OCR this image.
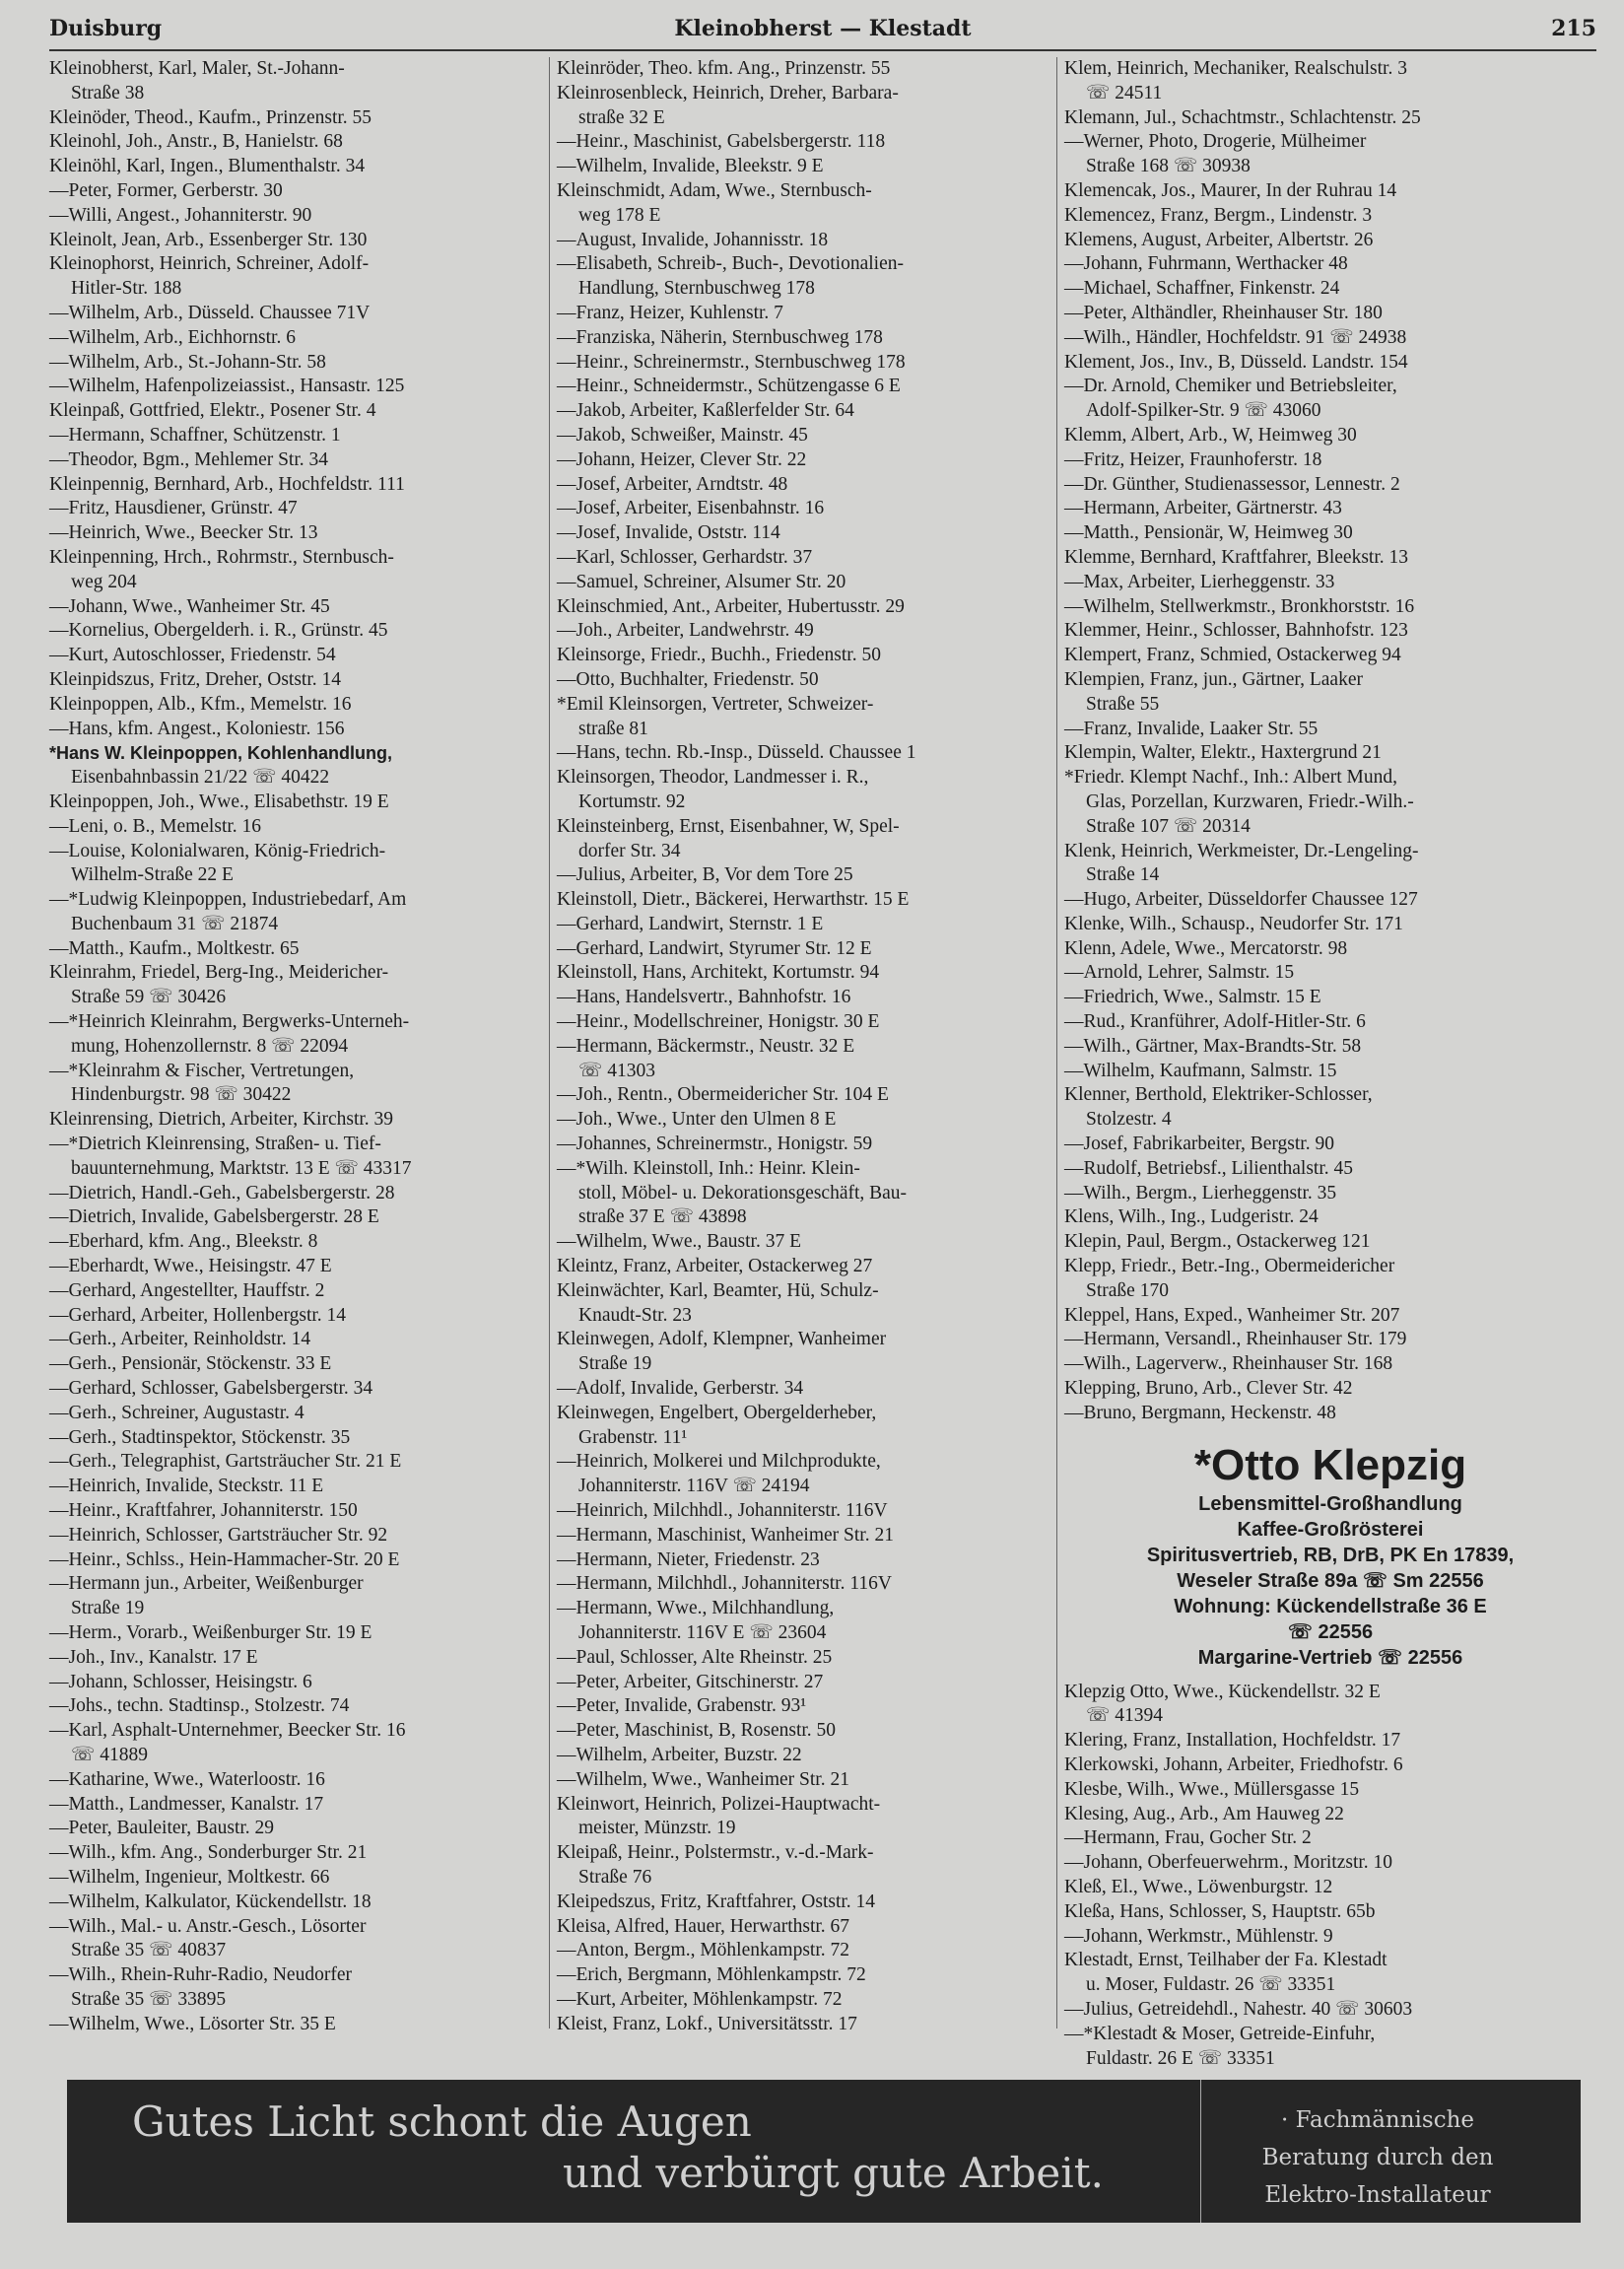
Kleinobherst — Klestadt
Duisburg	215
Kleinobherst, Karl, Maler, St.-Johann-
Straße 38
Kleinöder, Theod., Kaufm., Prinzenstr. 55
Kleinohl, Joh., Anstr., B, Hanielstr. 68
Kleinöhl, Karl, Ingen., Blumenthalstr. 34
—Peter, Former, Gerberstr. 30
—Willi, Angest., Johanniterstr. 90
Kleinolt, Jean, Arb., Essenberger Str. 130
Kleinophorst, Heinrich, Schreiner, Adolf-
Hitler-Str. 188
—Wilhelm, Arb., Düsseld. Chaussee 71V
—Wilhelm, Arb., Eichhornstr. 6
—Wilhelm, Arb., St.-Johann-Str. 58
—Wilhelm, Hafenpolizeiassist., Hansastr. 125
Kleinpaß, Gottfried, Elektr., Posener Str. 4
—Hermann, Schaffner, Schützenstr. 1
—Theodor, Bgm., Mehlemer Str. 34
Kleinpennig, Bernhard, Arb., Hochfeldstr. 111
—Fritz, Hausdiener, Grünstr. 47
—Heinrich, Wwe., Beecker Str. 13
Kleinpenning, Hrch., Rohrmstr., Sternbusch-
weg 204
—Johann, Wwe., Wanheimer Str. 45
—Kornelius, Obergelderh. i. R., Grünstr. 45
—Kurt, Autoschlosser, Friedenstr. 54
Kleinpidszus, Fritz, Dreher, Oststr. 14
Kleinpoppen, Alb., Kfm., Memelstr. 16
—Hans, kfm. Angest., Koloniestr. 156
*Hans W. Kleinpoppen, Kohlenhandlung,
Eisenbahnbassin 21/22 ☏ 40422
Kleinpoppen, Joh., Wwe., Elisabethstr. 19 E
—Leni, o. B., Memelstr. 16
—Louise, Kolonialwaren, König-Friedrich-
Wilhelm-Straße 22 E
—*Ludwig Kleinpoppen, Industriebedarf, Am
Buchenbaum 31 ☏ 21874
—Matth., Kaufm., Moltkestr. 65
Kleinrahm, Friedel, Berg-Ing., Meidericher-
Straße 59 ☏ 30426
—*Heinrich Kleinrahm, Bergwerks-Unterneh-
mung, Hohenzollernstr. 8 ☏ 22094
—*Kleinrahm & Fischer, Vertretungen,
Hindenburgstr. 98 ☏ 30422
Kleinrensing, Dietrich, Arbeiter, Kirchstr. 39
—*Dietrich Kleinrensing, Straßen- u. Tief-
bauunternehmung, Marktstr. 13 E ☏ 43317
—Dietrich, Handl.-Geh., Gabelsbergerstr. 28
—Dietrich, Invalide, Gabelsbergerstr. 28 E
—Eberhard, kfm. Ang., Bleekstr. 8
—Eberhardt, Wwe., Heisingstr. 47 E
—Gerhard, Angestellter, Hauffstr. 2
—Gerhard, Arbeiter, Hollenbergstr. 14
—Gerh., Arbeiter, Reinholdstr. 14
—Gerh., Pensionär, Stöckenstr. 33 E
—Gerhard, Schlosser, Gabelsbergerstr. 34
—Gerh., Schreiner, Augustastr. 4
—Gerh., Stadtinspektor, Stöckenstr. 35
—Gerh., Telegraphist, Gartsträucher Str. 21 E
—Heinrich, Invalide, Steckstr. 11 E
—Heinr., Kraftfahrer, Johanniterstr. 150
—Heinrich, Schlosser, Gartsträucher Str. 92
—Heinr., Schlss., Hein-Hammacher-Str. 20 E
—Hermann jun., Arbeiter, Weißenburger
Straße 19
—Herm., Vorarb., Weißenburger Str. 19 E
—Joh., Inv., Kanalstr. 17 E
—Johann, Schlosser, Heisingstr. 6
—Johs., techn. Stadtinsp., Stolzestr. 74
—Karl, Asphalt-Unternehmer, Beecker Str. 16
☏ 41889
—Katharine, Wwe., Waterloostr. 16
—Matth., Landmesser, Kanalstr. 17
—Peter, Bauleiter, Baustr. 29
—Wilh., kfm. Ang., Sonderburger Str. 21
—Wilhelm, Ingenieur, Moltkestr. 66
—Wilhelm, Kalkulator, Kückendellstr. 18
—Wilh., Mal.- u. Anstr.-Gesch., Lösorter
Straße 35 ☏ 40837
—Wilh., Rhein-Ruhr-Radio, Neudorfer
Straße 35 ☏ 33895
—Wilhelm, Wwe., Lösorter Str. 35 E
Kleinröder, Theo. kfm. Ang., Prinzenstr. 55
Kleinrosenbleck, Heinrich, Dreher, Barbara-
straße 32 E
—Heinr., Maschinist, Gabelsbergerstr. 118
—Wilhelm, Invalide, Bleekstr. 9 E
Kleinschmidt, Adam, Wwe., Sternbusch-
weg 178 E
—August, Invalide, Johannisstr. 18
—Elisabeth, Schreib-, Buch-, Devotionalien-
Handlung, Sternbuschweg 178
—Franz, Heizer, Kuhlenstr. 7
—Franziska, Näherin, Sternbuschweg 178
—Heinr., Schreinermstr., Sternbuschweg 178
—Heinr., Schneidermstr., Schützengasse 6 E
—Jakob, Arbeiter, Kaßlerfelder Str. 64
—Jakob, Schweißer, Mainstr. 45
—Johann, Heizer, Clever Str. 22
—Josef, Arbeiter, Arndtstr. 48
—Josef, Arbeiter, Eisenbahnstr. 16
—Josef, Invalide, Oststr. 114
—Karl, Schlosser, Gerhardstr. 37
—Samuel, Schreiner, Alsumer Str. 20
Kleinschmied, Ant., Arbeiter, Hubertusstr. 29
—Joh., Arbeiter, Landwehrstr. 49
Kleinsorge, Friedr., Buchh., Friedenstr. 50
—Otto, Buchhalter, Friedenstr. 50
*Emil Kleinsorgen, Vertreter, Schweizer-
straße 81
—Hans, techn. Rb.-Insp., Düsseld. Chaussee 1
Kleinsorgen, Theodor, Landmesser i. R.,
Kortumstr. 92
Kleinsteinberg, Ernst, Eisenbahner, W, Spel-
dorfer Str. 34
—Julius, Arbeiter, B, Vor dem Tore 25
Kleinstoll, Dietr., Bäckerei, Herwarthstr. 15 E
—Gerhard, Landwirt, Sternstr. 1 E
—Gerhard, Landwirt, Styrumer Str. 12 E
Kleinstoll, Hans, Architekt, Kortumstr. 94
—Hans, Handelsvertr., Bahnhofstr. 16
—Heinr., Modellschreiner, Honigstr. 30 E
—Hermann, Bäckermstr., Neustr. 32 E
☏ 41303
—Joh., Rentn., Obermeidericher Str. 104 E
—Joh., Wwe., Unter den Ulmen 8 E
—Johannes, Schreinermstr., Honigstr. 59
—*Wilh. Kleinstoll, Inh.: Heinr. Klein-
stoll, Möbel- u. Dekorationsgeschäft, Bau-
straße 37 E ☏ 43898
—Wilhelm, Wwe., Baustr. 37 E
Kleintz, Franz, Arbeiter, Ostackerweg 27
Kleinwächter, Karl, Beamter, Hü, Schulz-
Knaudt-Str. 23
Kleinwegen, Adolf, Klempner, Wanheimer
Straße 19
—Adolf, Invalide, Gerberstr. 34
Kleinwegen, Engelbert, Obergelderheber,
Grabenstr. 11¹
—Heinrich, Molkerei und Milchprodukte,
Johanniterstr. 116V ☏ 24194
—Heinrich, Milchhdl., Johanniterstr. 116V
—Hermann, Maschinist, Wanheimer Str. 21
—Hermann, Nieter, Friedenstr. 23
—Hermann, Milchhdl., Johanniterstr. 116V
—Hermann, Wwe., Milchhandlung,
Johanniterstr. 116V E ☏ 23604
—Paul, Schlosser, Alte Rheinstr. 25
—Peter, Arbeiter, Gitschinerstr. 27
—Peter, Invalide, Grabenstr. 93¹
—Peter, Maschinist, B, Rosenstr. 50
—Wilhelm, Arbeiter, Buzstr. 22
—Wilhelm, Wwe., Wanheimer Str. 21
Kleinwort, Heinrich, Polizei-Hauptwacht-
meister, Münzstr. 19
Kleipaß, Heinr., Polstermstr., v.-d.-Mark-
Straße 76
Kleipedszus, Fritz, Kraftfahrer, Oststr. 14
Kleisa, Alfred, Hauer, Herwarthstr. 67
—Anton, Bergm., Möhlenkampstr. 72
—Erich, Bergmann, Möhlenkampstr. 72
—Kurt, Arbeiter, Möhlenkampstr. 72
Kleist, Franz, Lokf., Universitätsstr. 17
Klem, Heinrich, Mechaniker, Realschulstr. 3
☏ 24511
Klemann, Jul., Schachtmstr., Schlachtenstr. 25
—Werner, Photo, Drogerie, Mülheimer
Straße 168 ☏ 30938
Klemencak, Jos., Maurer, In der Ruhrau 14
Klemencez, Franz, Bergm., Lindenstr. 3
Klemens, August, Arbeiter, Albertstr. 26
—Johann, Fuhrmann, Werthacker 48
—Michael, Schaffner, Finkenstr. 24
—Peter, Althändler, Rheinhauser Str. 180
—Wilh., Händler, Hochfeldstr. 91 ☏ 24938
Klement, Jos., Inv., B, Düsseld. Landstr. 154
—Dr. Arnold, Chemiker und Betriebsleiter,
Adolf-Spilker-Str. 9 ☏ 43060
Klemm, Albert, Arb., W, Heimweg 30
—Fritz, Heizer, Fraunhoferstr. 18
—Dr. Günther, Studienassessor, Lennestr. 2
—Hermann, Arbeiter, Gärtnerstr. 43
—Matth., Pensionär, W, Heimweg 30
Klemme, Bernhard, Kraftfahrer, Bleekstr. 13
—Max, Arbeiter, Lierheggenstr. 33
—Wilhelm, Stellwerkmstr., Bronkhorststr. 16
Klemmer, Heinr., Schlosser, Bahnhofstr. 123
Klempert, Franz, Schmied, Ostackerweg 94
Klempien, Franz, jun., Gärtner, Laaker
Straße 55
—Franz, Invalide, Laaker Str. 55
Klempin, Walter, Elektr., Haxtergrund 21
*Friedr. Klempt Nachf., Inh.: Albert Mund,
Glas, Porzellan, Kurzwaren, Friedr.-Wilh.-
Straße 107 ☏ 20314
Klenk, Heinrich, Werkmeister, Dr.-Lengeling-
Straße 14
—Hugo, Arbeiter, Düsseldorfer Chaussee 127
Klenke, Wilh., Schausp., Neudorfer Str. 171
Klenn, Adele, Wwe., Mercatorstr. 98
—Arnold, Lehrer, Salmstr. 15
—Friedrich, Wwe., Salmstr. 15 E
—Rud., Kranführer, Adolf-Hitler-Str. 6
—Wilh., Gärtner, Max-Brandts-Str. 58
—Wilhelm, Kaufmann, Salmstr. 15
Klenner, Berthold, Elektriker-Schlosser,
Stolzestr. 4
—Josef, Fabrikarbeiter, Bergstr. 90
—Rudolf, Betriebsf., Lilienthalstr. 45
—Wilh., Bergm., Lierheggenstr. 35
Klens, Wilh., Ing., Ludgeristr. 24
Klepin, Paul, Bergm., Ostackerweg 121
Klepp, Friedr., Betr.-Ing., Obermeidericher
Straße 170
Kleppel, Hans, Exped., Wanheimer Str. 207
—Hermann, Versandl., Rheinhauser Str. 179
—Wilh., Lagerverw., Rheinhauser Str. 168
Klepping, Bruno, Arb., Clever Str. 42
—Bruno, Bergmann, Heckenstr. 48
*Otto Klepzig
Lebensmittel-Großhandlung
Kaffee-Großrösterei
Spiritusvertrieb, RB, DrB, PK En 17839,
Weseler Straße 89a ☏ Sm 22556
Wohnung: Kückendellstraße 36 E
☏ 22556
Margarine-Vertrieb ☏ 22556
Klepzig Otto, Wwe., Kückendellstr. 32 E
☏ 41394
Klering, Franz, Installation, Hochfeldstr. 17
Klerkowski, Johann, Arbeiter, Friedhofstr. 6
Klesbe, Wilh., Wwe., Müllersgasse 15
Klesing, Aug., Arb., Am Hauweg 22
—Hermann, Frau, Gocher Str. 2
—Johann, Oberfeuerwehrm., Moritzstr. 10
Kleß, El., Wwe., Löwenburgstr. 12
Kleßa, Hans, Schlosser, S, Hauptstr. 65b
—Johann, Werkmstr., Mühlenstr. 9
Klestadt, Ernst, Teilhaber der Fa. Klestadt
u. Moser, Fuldastr. 26 ☏ 33351
—Julius, Getreidehdl., Nahestr. 40 ☏ 30603
—*Klestadt & Moser, Getreide-Einfuhr,
Fuldastr. 26 E ☏ 33351
Gutes Licht schont die Augen
und verbürgt gute Arbeit.
· Fachmännische
Beratung durch den
Elektro-Installateur
